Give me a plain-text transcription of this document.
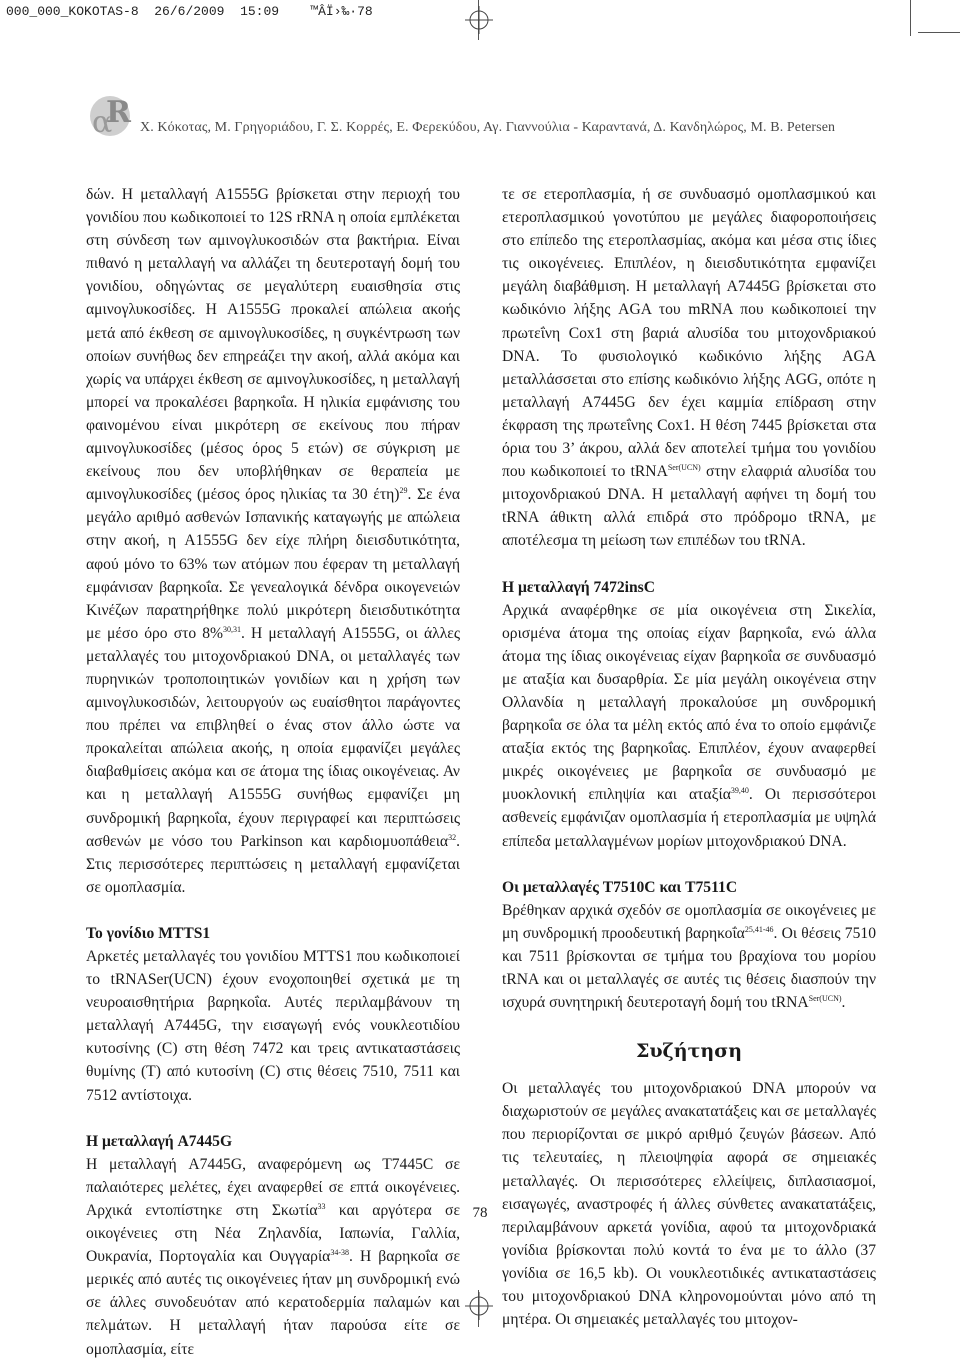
000_000_KOKOTAS-8 26/6/2009 15:09 ™ÂÏ›‰·78
α
R Χ. Κόκοτας, Μ. Γρηγοριάδου, Γ. Σ. Κορρές, Ε. Φερεκύδου, Αγ. Γιαννούλια - Καραντανά, Δ. Κανδηλώρος, Μ. Β. Petersen

δών. Η μεταλλαγή A1555G βρίσκεται στην περιοχή του γονιδίου που κωδικοποιεί το 12S rRNA η οποία εμπλέκεται στη σύνδεση των αμινογλυκοσιδών στα βακτήρια. Είναι πιθανό η μεταλλαγή να αλλάζει τη δευτεροταγή δομή του γονιδίου, οδηγώντας σε μεγαλύτερη ευαισθησία στις αμινογλυκοσίδες. Η A1555G προκαλεί απώλεια ακοής μετά από έκθεση σε αμινογλυκοσίδες, η συγκέντρωση των οποίων συνήθως δεν επηρεάζει την ακοή, αλλά ακόμα και χωρίς να υπάρχει έκθεση σε αμινογλυκοσίδες, η μεταλλαγή μπορεί να προκαλέσει βαρηκοΐα. Η ηλικία εμφάνισης του φαινομένου είναι μικρότερη σε εκείνους που πήραν αμινογλυκοσίδες (μέσος όρος 5 ετών) σε σύγκριση με εκείνους που δεν υποβλήθηκαν σε θεραπεία με αμινογλυκοσίδες (μέσος όρος ηλικίας τα 30 έτη)$^{29}$. Σε ένα μεγάλο αριθμό ασθενών Ισπανικής καταγωγής με απώλεια στην ακοή, η A1555G δεν είχε πλήρη διεισδυτικότητα, αφού μόνο το 63% των ατόμων που έφεραν τη μεταλλαγή εμφάνισαν βαρηκοΐα. Σε γενεαλογικά δένδρα οικογενειών Κινέζων παρατηρήθηκε πολύ μικρότερη διεισδυτικότητα με μέσο όρο στο 8%$^{30,31}$. Η μεταλλαγή A1555G, οι άλλες μεταλλαγές του μιτοχονδριακού DNA, οι μεταλλαγές των πυρηνικών τροποποιητικών γονιδίων και η χρήση των αμινογλυκοσιδών, λειτουργούν ως ευαίσθητοι παράγοντες που πρέπει να επιβληθεί ο ένας στον άλλο ώστε να προκαλείται απώλεια ακοής, η οποία εμφανίζει μεγάλες διαβαθμίσεις ακόμα και σε άτομα της ίδιας οικογένειας. Αν και η μεταλλαγή A1555G συνήθως εμφανίζει μη συνδρομική βαρηκοΐα, έχουν περιγραφεί και περιπτώσεις ασθενών με νόσο του Parkinson και καρδιομυοπάθεια$^{32}$. Στις περισσότερες περιπτώσεις η μεταλλαγή εμφανίζεται σε ομοπλασμία.

Το γονίδιο MTTS1

Αρκετές μεταλλαγές του γονιδίου MTTS1 που κωδικοποιεί το tRNASer(UCN) έχουν ενοχοποιηθεί σχετικά με τη νευροαισθητήρια βαρηκοΐα. Αυτές περιλαμβάνουν τη μεταλλαγή A7445G, την εισαγωγή ενός νουκλεοτιδίου κυτοσίνης (C) στη θέση 7472 και τρεις αντικαταστάσεις θυμίνης (T) από κυτοσίνη (C) στις θέσεις 7510, 7511 και 7512 αντίστοιχα.

Η μεταλλαγή A7445G

Η μεταλλαγή A7445G, αναφερόμενη ως T7445C σε παλαιότερες μελέτες, έχει αναφερθεί σε επτά οικογένειες. Αρχικά εντοπίστηκε στη Σκωτία$^{33}$ και αργότερα σε οικογένειες στη Νέα Ζηλανδία, Ιαπωνία, Γαλλία, Ουκρανία, Πορτογαλία και Ουγγαρία$^{34-38}$. Η βαρηκοΐα σε μερικές από αυτές τις οικογένειες ήταν μη συνδρομική ενώ σε άλλες συνοδευόταν από κερατοδερμία παλαμών και πελμάτων. Η μεταλλαγή ήταν παρούσα είτε σε ομοπλασμία, είτε

τε σε ετεροπλασμία, ή σε συνδυασμό ομοπλασμικού και ετεροπλασμικού γονοτύπου με μεγάλες διαφοροποιήσεις στο επίπεδο της ετεροπλασμίας, ακόμα και μέσα στις ίδιες τις οικογένειες. Επιπλέον, η διεισδυτικότητα εμφανίζει μεγάλη διαβάθμιση. Η μεταλλαγή A7445G βρίσκεται στο κωδικόνιο λήξης AGA του mRNA που κωδικοποιεί την πρωτεΐνη Cox1 στη βαριά αλυσίδα του μιτοχονδριακού DNA. Το φυσιολογικό κωδικόνιο λήξης AGA μεταλλάσσεται στο επίσης κωδικόνιο λήξης AGG, οπότε η μεταλλαγή A7445G δεν έχει καμμία επίδραση στην έκφραση της πρωτεΐνης Cox1. Η θέση 7445 βρίσκεται στα όρια του 3’ άκρου, αλλά δεν αποτελεί τμήμα του γονιδίου που κωδικοποιεί το tRNA$^{Ser(UCN)}$ στην ελαφριά αλυσίδα του μιτοχονδριακού DNA. Η μεταλλαγή αφήνει τη δομή του tRNA άθικτη αλλά επιδρά στο πρόδρομο tRNA, με αποτέλεσμα τη μείωση των επιπέδων του tRNA.

Η μεταλλαγή 7472insC

Αρχικά αναφέρθηκε σε μία οικογένεια στη Σικελία, ορισμένα άτομα της οποίας είχαν βαρηκοΐα, ενώ άλλα άτομα της ίδιας οικογένειας είχαν βαρηκοΐα σε συνδυασμό με αταξία και δυσαρθρία. Σε μία μεγάλη οικογένεια στην Ολλανδία η μεταλλαγή προκαλούσε μη συνδρομική βαρηκοΐα σε όλα τα μέλη εκτός από ένα το οποίο εμφάνιζε αταξία εκτός της βαρηκοΐας. Επιπλέον, έχουν αναφερθεί μικρές οικογένειες με βαρηκοΐα σε συνδυασμό με μυοκλονική επιληψία και αταξία$^{39,40}$. Οι περισσότεροι ασθενείς εμφάνιζαν ομοπλασμία ή ετεροπλασμία με υψηλά επίπεδα μεταλλαγμένων μορίων μιτοχονδριακού DNA.

Οι μεταλλαγές T7510C και T7511C

Βρέθηκαν αρχικά σχεδόν σε ομοπλασμία σε οικογένειες με μη συνδρομική προοδευτική βαρηκοΐα$^{25,41-46}$. Οι θέσεις 7510 και 7511 βρίσκονται σε τμήμα του βραχίονα του μορίου tRNA και οι μεταλλαγές σε αυτές τις θέσεις διασπούν την ισχυρά συνητηρική δευτεροταγή δομή του tRNA$^{Ser(UCN)}$.

Συζήτηση

Οι μεταλλαγές του μιτοχονδριακού DNA μπορούν να διαχωριστούν σε μεγάλες ανακατατάξεις και σε μεταλλαγές που περιορίζονται σε μικρό αριθμό ζευγών βάσεων. Από τις τελευταίες, η πλειοψηφία αφορά σε σημειακές μεταλλαγές. Οι περισσότερες ελλείψεις, διπλασιασμοί, εισαγωγές, αναστροφές ή άλλες σύνθετες ανακατατάξεις, περιλαμβάνουν αρκετά γονίδια, αφού τα μιτοχονδριακά γονίδια βρίσκονται πολύ κοντά το ένα με το άλλο (37 γονίδια σε 16,5 kb). Οι νουκλεοτιδικές αντικαταστάσεις του μιτοχονδριακού DNA κληρονομούνται μόνο από τη μητέρα. Οι σημειακές μεταλλαγές του μιτοχον-

78
